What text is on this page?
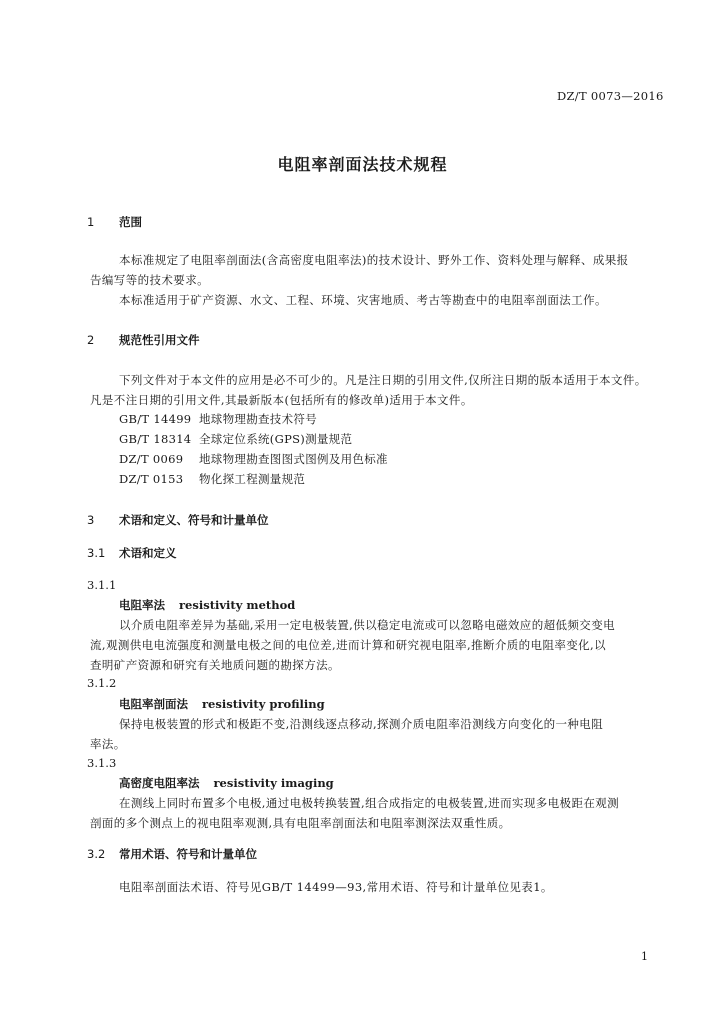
DZ/T 0073—2016
电阻率剖面法技术规程
1 范围
本标准规定了电阻率剖面法(含高密度电阻率法)的技术设计、野外工作、资料处理与解释、成果报
告编写等的技术要求。
本标准适用于矿产资源、水文、工程、环境、灾害地质、考古等勘查中的电阻率剖面法工作。
2 规范性引用文件
下列文件对于本文件的应用是必不可少的。凡是注日期的引用文件,仅所注日期的版本适用于本文件。
凡是不注日期的引用文件,其最新版本(包括所有的修改单)适用于本文件。
GB/T 14499 地球物理勘查技术符号
GB/T 18314 全球定位系统(GPS)测量规范
DZ/T 0069 地球物理勘查图图式图例及用色标准
DZ/T 0153 物化探工程测量规范
3 术语和定义、符号和计量单位
3.1 术语和定义
3.1.1
电阻率法 resistivity method
以介质电阻率差异为基础,采用一定电极装置,供以稳定电流或可以忽略电磁效应的超低频交变电
流,观测供电电流强度和测量电极之间的电位差,进而计算和研究视电阻率,推断介质的电阻率变化,以
查明矿产资源和研究有关地质问题的勘探方法。
3.1.2
电阻率剖面法 resistivity profiling
保持电极装置的形式和极距不变,沿测线逐点移动,探测介质电阻率沿测线方向变化的一种电阻
率法。
3.1.3
高密度电阻率法 resistivity imaging
在测线上同时布置多个电极,通过电极转换装置,组合成指定的电极装置,进而实现多电极距在观测
剖面的多个测点上的视电阻率观测,具有电阻率剖面法和电阻率测深法双重性质。
3.2 常用术语、符号和计量单位
电阻率剖面法术语、符号见GB/T 14499—93,常用术语、符号和计量单位见表1。
1
